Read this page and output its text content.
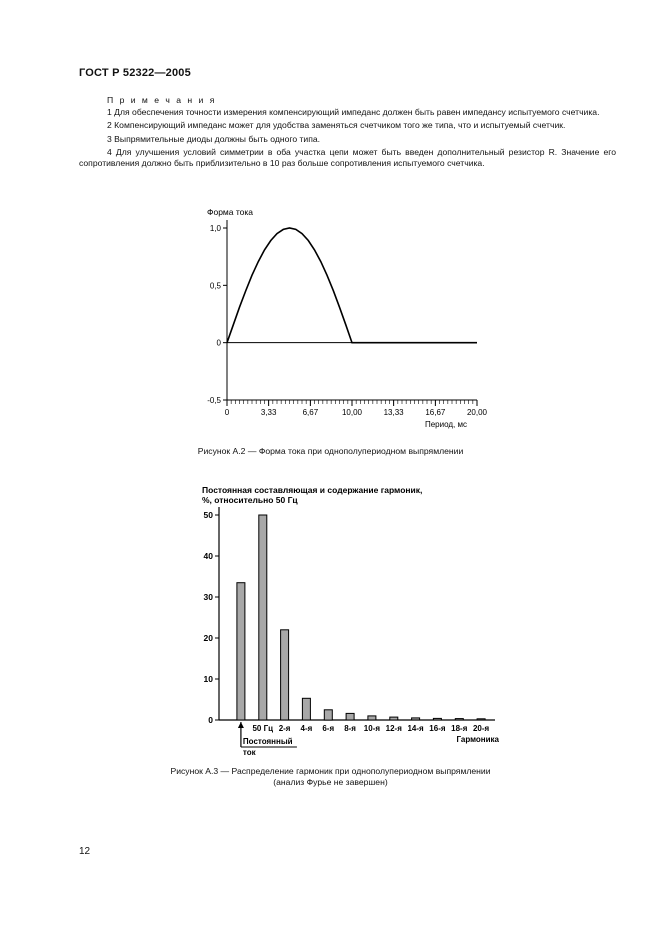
ГОСТ Р 52322—2005

П р и м е ч а н и я

1 Для обеспечения точности измерения компенсирующий импеданс должен быть равен импедансу испытуемого счетчика.

2 Компенсирующий импеданс может для удобства заменяться счетчиком того же типа, что и испытуемый счетчик.

3 Выпрямительные диоды должны быть одного типа.

4 Для улучшения условий симметрии в оба участка цепи может быть введен дополнительный резистор R. Значение его сопротивления должно быть приблизительно в 10 раз больше сопротивления испытуемого счетчика.

Форма тока
-0,5
0
0,5
1,0
0	3,33	6,67	10,00	13,33	16,67	20,00
Период, мс
Рисунок А.2 — Форма тока при однополупериодном выпрямлении
Постоянная составляющая и содержание гармоник,
%, относительно 50 Гц
0
10
20
30
40
50
50 Гц 2-я 4-я 6-я 8-я 10-я 12-я 14-я 16-я 18-я 20-я
Постоянный
ток
Гармоника
Рисунок А.3 — Распределение гармоник при однополупериодном выпрямлении
(анализ Фурье не завершен)
12
